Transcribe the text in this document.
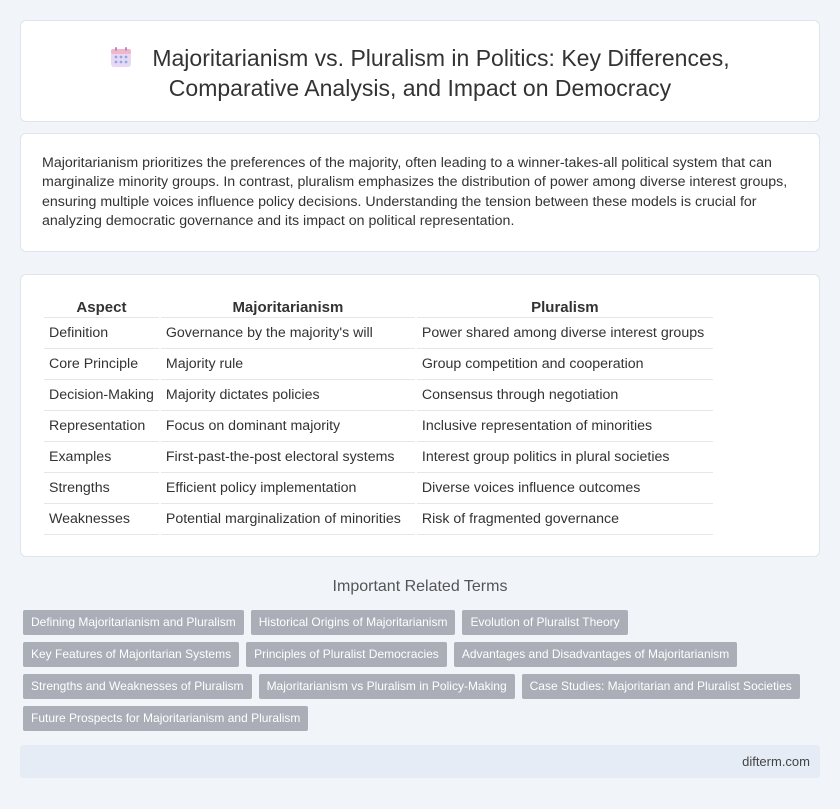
Majoritarianism vs. Pluralism in Politics: Key Differences,
Comparative Analysis, and Impact on Democracy

Majoritarianism prioritizes the preferences of the majority, often leading to a winner-takes-all political system that can marginalize minority groups. In contrast, pluralism emphasizes the distribution of power among diverse interest groups, ensuring multiple voices influence policy decisions. Understanding the tension between these models is crucial for analyzing democratic governance and its impact on political representation.

Aspect	Majoritarianism	Pluralism
Definition	Governance by the majority's will	Power shared among diverse interest groups
Core Principle	Majority rule	Group competition and cooperation
Decision-Making	Majority dictates policies	Consensus through negotiation
Representation	Focus on dominant majority	Inclusive representation of minorities
Examples	First-past-the-post electoral systems	Interest group politics in plural societies
Strengths	Efficient policy implementation	Diverse voices influence outcomes
Weaknesses	Potential marginalization of minorities	Risk of fragmented governance
Important Related Terms
Defining Majoritarianism and Pluralism	Historical Origins of Majoritarianism	Evolution of Pluralist Theory
Key Features of Majoritarian Systems	Principles of Pluralist Democracies	Advantages and Disadvantages of Majoritarianism
Strengths and Weaknesses of Pluralism	Majoritarianism vs Pluralism in Policy-Making	Case Studies: Majoritarian and Pluralist Societies
Future Prospects for Majoritarianism and Pluralism
difterm.com
